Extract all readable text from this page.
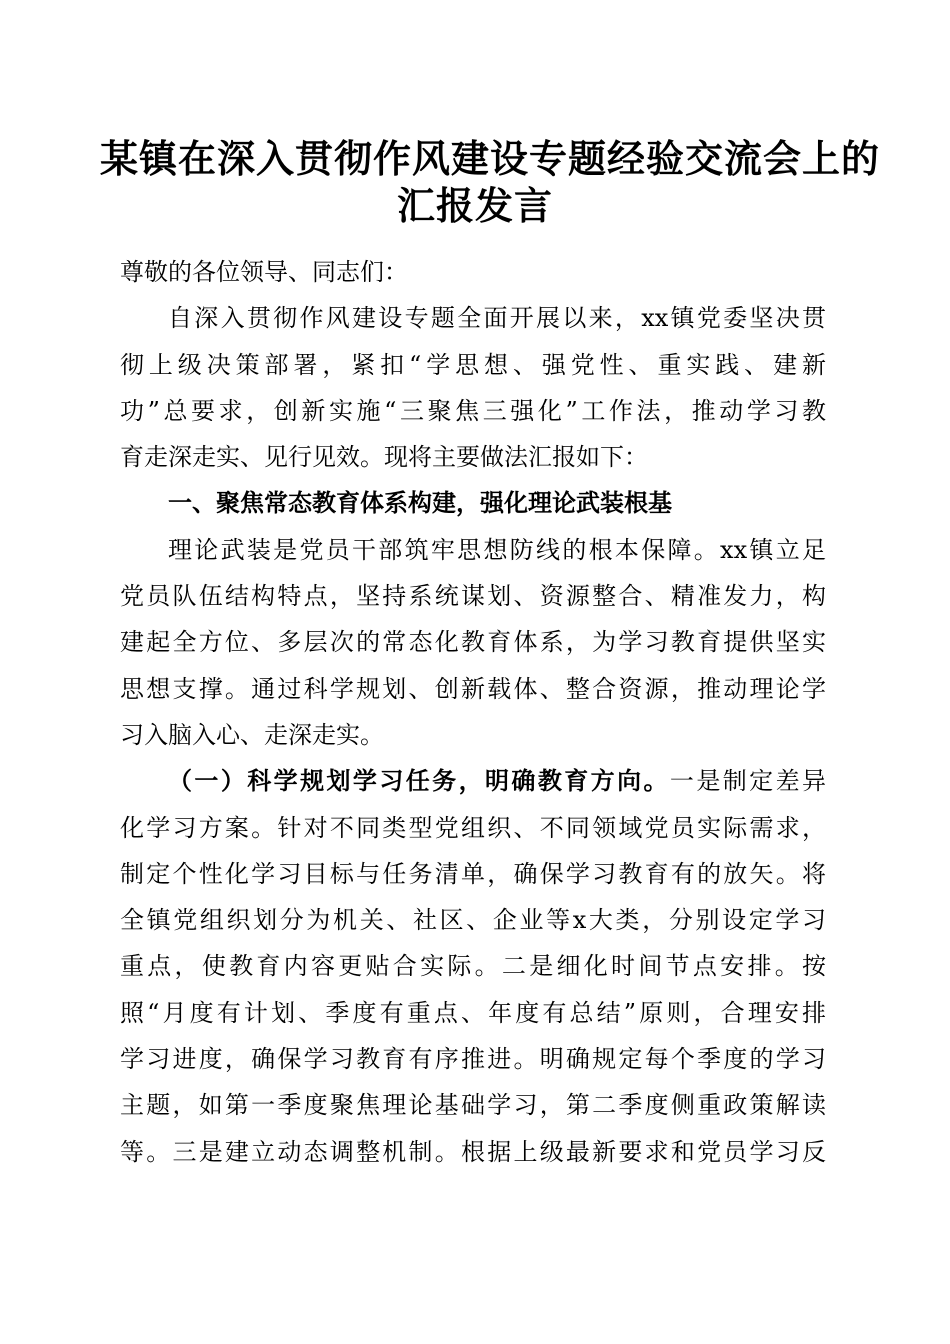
某镇在深入贯彻作风建设专题经验交流会上的
汇报发言
尊敬的各位领导、同志们：
自深入贯彻作风建设专题全面开展以来，xx镇党委坚决贯
彻上级决策部署，紧扣“学思想、强党性、重实践、建新
功”总要求，创新实施“三聚焦三强化”工作法，推动学习教
育走深走实、见行见效。现将主要做法汇报如下：
一、聚焦常态教育体系构建，强化理论武装根基
理论武装是党员干部筑牢思想防线的根本保障。xx镇立足
党员队伍结构特点，坚持系统谋划、资源整合、精准发力，构
建起全方位、多层次的常态化教育体系，为学习教育提供坚实
思想支撑。通过科学规划、创新载体、整合资源，推动理论学
习入脑入心、走深走实。
（一）科学规划学习任务，明确教育方向。一是制定差异
化学习方案。针对不同类型党组织、不同领域党员实际需求，
制定个性化学习目标与任务清单，确保学习教育有的放矢。将
全镇党组织划分为机关、社区、企业等x大类，分别设定学习
重点，使教育内容更贴合实际。二是细化时间节点安排。按
照“月度有计划、季度有重点、年度有总结”原则，合理安排
学习进度，确保学习教育有序推进。明确规定每个季度的学习
主题，如第一季度聚焦理论基础学习，第二季度侧重政策解读
等。三是建立动态调整机制。根据上级最新要求和党员学习反
